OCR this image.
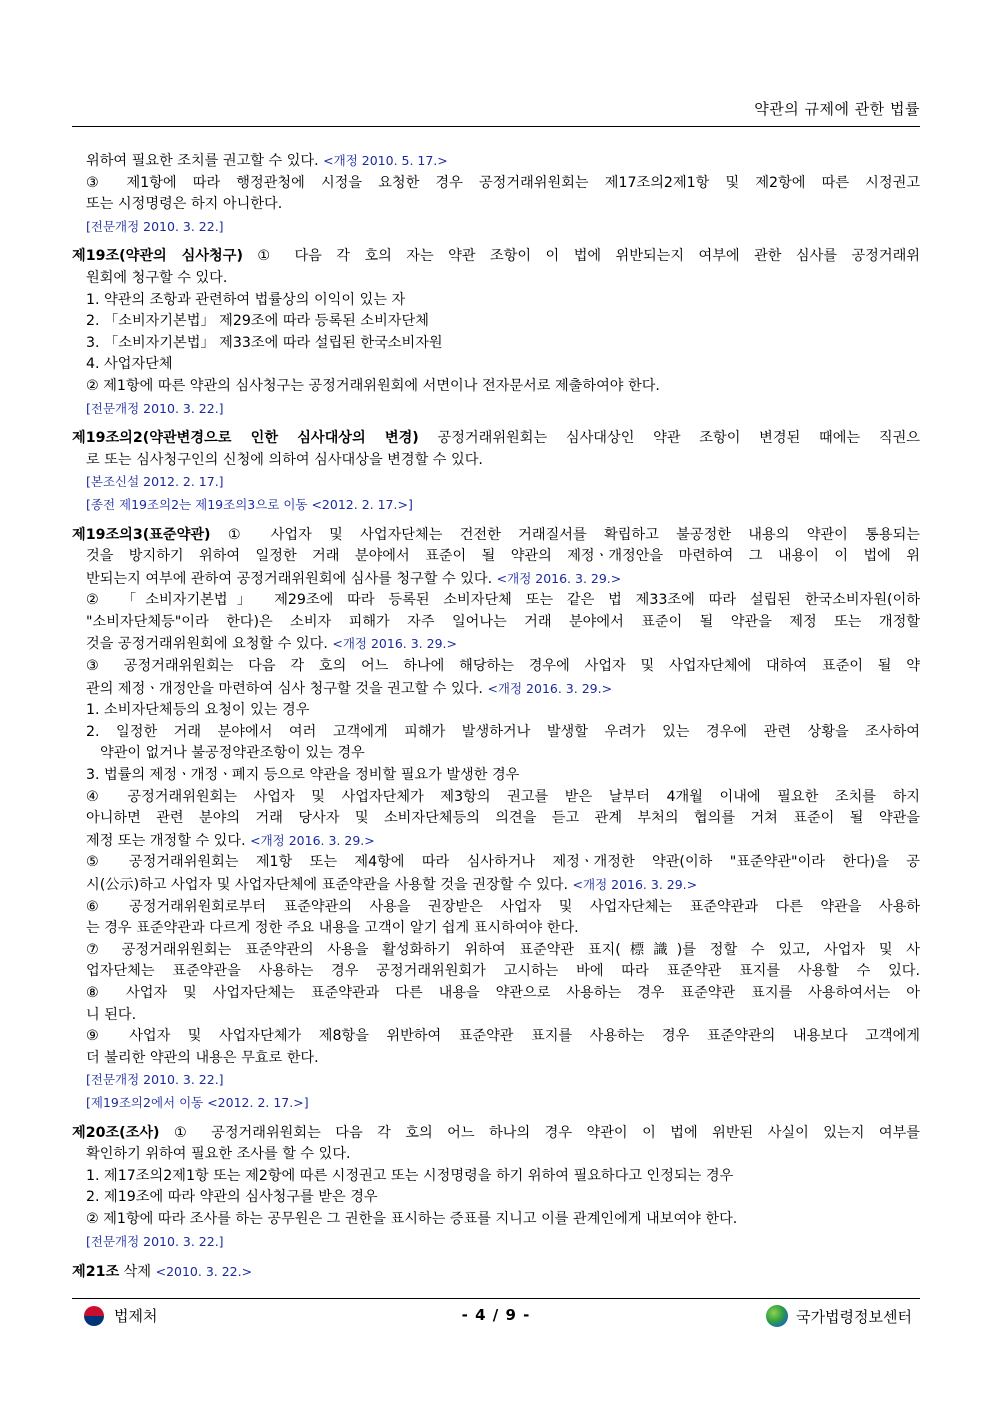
약관의 규제에 관한 법률
위하여 필요한 조치를 권고할 수 있다. <개정 2010. 5. 17.>
③ 제1항에 따라 행정관청에 시정을 요청한 경우 공정거래위원회는 제17조의2제1항 및 제2항에 따른 시정권고
또는 시정명령은 하지 아니한다.
[전문개정 2010. 3. 22.]
제19조(약관의 심사청구) ① 다음 각 호의 자는 약관 조항이 이 법에 위반되는지 여부에 관한 심사를 공정거래위
원회에 청구할 수 있다.
1. 약관의 조항과 관련하여 법률상의 이익이 있는 자
2. 「소비자기본법」 제29조에 따라 등록된 소비자단체
3. 「소비자기본법」 제33조에 따라 설립된 한국소비자원
4. 사업자단체
② 제1항에 따른 약관의 심사청구는 공정거래위원회에 서면이나 전자문서로 제출하여야 한다.
[전문개정 2010. 3. 22.]
제19조의2(약관변경으로 인한 심사대상의 변경) 공정거래위원회는 심사대상인 약관 조항이 변경된 때에는 직권으
로 또는 심사청구인의 신청에 의하여 심사대상을 변경할 수 있다.
[본조신설 2012. 2. 17.]
[종전 제19조의2는 제19조의3으로 이동 <2012. 2. 17.>]
제19조의3(표준약관) ① 사업자 및 사업자단체는 건전한 거래질서를 확립하고 불공정한 내용의 약관이 통용되는
것을 방지하기 위하여 일정한 거래 분야에서 표준이 될 약관의 제정ㆍ개정안을 마련하여 그 내용이 이 법에 위
반되는지 여부에 관하여 공정거래위원회에 심사를 청구할 수 있다. <개정 2016. 3. 29.>
② 「소비자기본법」 제29조에 따라 등록된 소비자단체 또는 같은 법 제33조에 따라 설립된 한국소비자원(이하
"소비자단체등"이라 한다)은 소비자 피해가 자주 일어나는 거래 분야에서 표준이 될 약관을 제정 또는 개정할
것을 공정거래위원회에 요청할 수 있다. <개정 2016. 3. 29.>
③ 공정거래위원회는 다음 각 호의 어느 하나에 해당하는 경우에 사업자 및 사업자단체에 대하여 표준이 될 약
관의 제정ㆍ개정안을 마련하여 심사 청구할 것을 권고할 수 있다. <개정 2016. 3. 29.>
1. 소비자단체등의 요청이 있는 경우
2. 일정한 거래 분야에서 여러 고객에게 피해가 발생하거나 발생할 우려가 있는 경우에 관련 상황을 조사하여
약관이 없거나 불공정약관조항이 있는 경우
3. 법률의 제정ㆍ개정ㆍ폐지 등으로 약관을 정비할 필요가 발생한 경우
④ 공정거래위원회는 사업자 및 사업자단체가 제3항의 권고를 받은 날부터 4개월 이내에 필요한 조치를 하지
아니하면 관련 분야의 거래 당사자 및 소비자단체등의 의견을 듣고 관계 부처의 협의를 거쳐 표준이 될 약관을
제정 또는 개정할 수 있다. <개정 2016. 3. 29.>
⑤ 공정거래위원회는 제1항 또는 제4항에 따라 심사하거나 제정ㆍ개정한 약관(이하 "표준약관"이라 한다)을 공
시(公示)하고 사업자 및 사업자단체에 표준약관을 사용할 것을 권장할 수 있다. <개정 2016. 3. 29.>
⑥ 공정거래위원회로부터 표준약관의 사용을 권장받은 사업자 및 사업자단체는 표준약관과 다른 약관을 사용하
는 경우 표준약관과 다르게 정한 주요 내용을 고객이 알기 쉽게 표시하여야 한다.
⑦ 공정거래위원회는 표준약관의 사용을 활성화하기 위하여 표준약관 표지(標識)를 정할 수 있고, 사업자 및 사
업자단체는 표준약관을 사용하는 경우 공정거래위원회가 고시하는 바에 따라 표준약관 표지를 사용할 수 있다.
⑧ 사업자 및 사업자단체는 표준약관과 다른 내용을 약관으로 사용하는 경우 표준약관 표지를 사용하여서는 아
니 된다.
⑨ 사업자 및 사업자단체가 제8항을 위반하여 표준약관 표지를 사용하는 경우 표준약관의 내용보다 고객에게
더 불리한 약관의 내용은 무효로 한다.
[전문개정 2010. 3. 22.]
[제19조의2에서 이동 <2012. 2. 17.>]
제20조(조사) ① 공정거래위원회는 다음 각 호의 어느 하나의 경우 약관이 이 법에 위반된 사실이 있는지 여부를
확인하기 위하여 필요한 조사를 할 수 있다.
1. 제17조의2제1항 또는 제2항에 따른 시정권고 또는 시정명령을 하기 위하여 필요하다고 인정되는 경우
2. 제19조에 따라 약관의 심사청구를 받은 경우
② 제1항에 따라 조사를 하는 공무원은 그 권한을 표시하는 증표를 지니고 이를 관계인에게 내보여야 한다.
[전문개정 2010. 3. 22.]
제21조 삭제 <2010. 3. 22.>
법제처	- 4 / 9 -	국가법령정보센터
